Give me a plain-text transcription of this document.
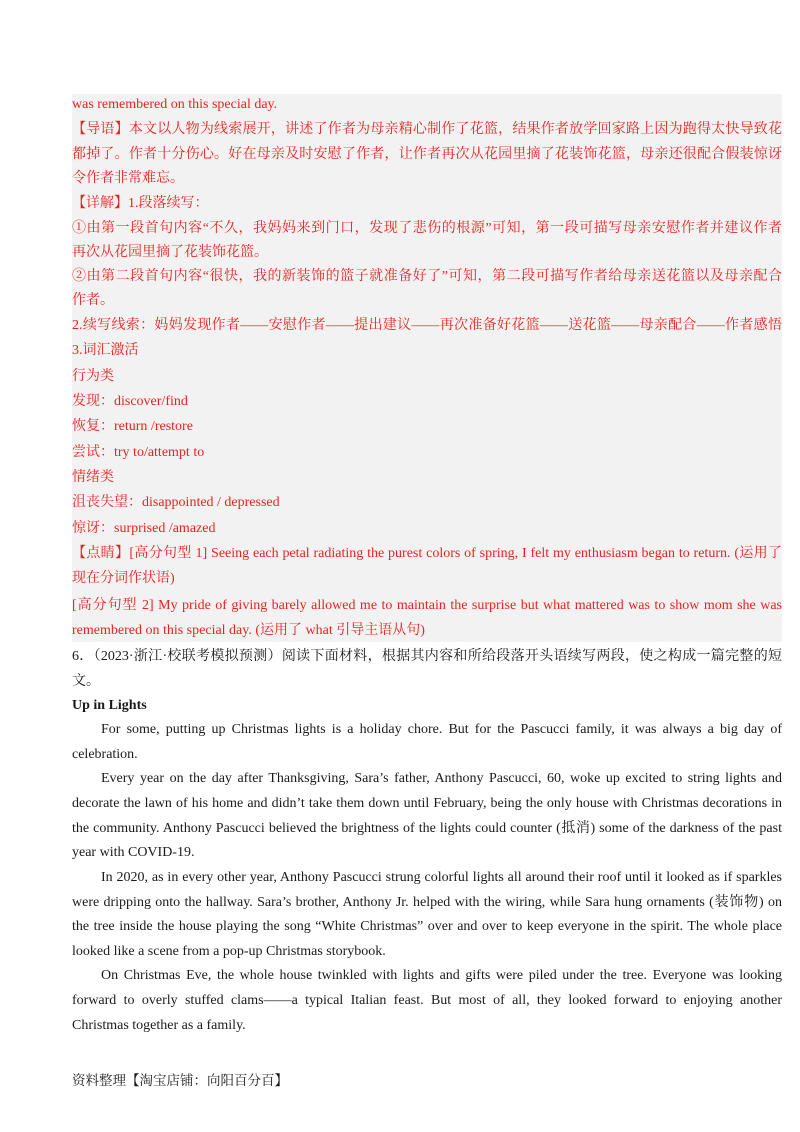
was remembered on this special day.
【导语】本文以人物为线索展开，讲述了作者为母亲精心制作了花篮，结果作者放学回家路上因为跑得太快导致花
都掉了。作者十分伤心。好在母亲及时安慰了作者，让作者再次从花园里摘了花装饰花篮，母亲还很配合假装惊讶
令作者非常难忘。
【详解】1.段落续写：
①由第一段首句内容“不久，我妈妈来到门口，发现了悲伤的根源”可知，第一段可描写母亲安慰作者并建议作者
再次从花园里摘了花装饰花篮。
②由第二段首句内容“很快，我的新装饰的篮子就准备好了”可知，第二段可描写作者给母亲送花篮以及母亲配合
作者。
2.续写线索：妈妈发现作者——安慰作者——提出建议——再次准备好花篮——送花篮——母亲配合——作者感悟
3.词汇激活
行为类
发现：discover/find
恢复：return /restore
尝试：try to/attempt to
情绪类
沮丧失望：disappointed / depressed
惊讶：surprised /amazed
【点睛】[高分句型 1] Seeing each petal radiating the purest colors of spring, I felt my enthusiasm began to return. (运用了
现在分词作状语)
[高分句型 2] My pride of giving barely allowed me to maintain the surprise but what mattered was to show mom she was
remembered on this special day. (运用了 what 引导主语从句)
6．（2023·浙江·校联考模拟预测）阅读下面材料，根据其内容和所给段落开头语续写两段，使之构成一篇完整的短
文。
Up in Lights
For some, putting up Christmas lights is a holiday chore. But for the Pascucci family, it was always a big day of
celebration.
Every year on the day after Thanksgiving, Sara’s father, Anthony Pascucci, 60, woke up excited to string lights and
decorate the lawn of his home and didn’t take them down until February, being the only house with Christmas decorations in
the community. Anthony Pascucci believed the brightness of the lights could counter (抵消) some of the darkness of the past
year with COVID-19.
In 2020, as in every other year, Anthony Pascucci strung colorful lights all around their roof until it looked as if sparkles
were dripping onto the hallway. Sara’s brother, Anthony Jr. helped with the wiring, while Sara hung ornaments (装饰物) on
the tree inside the house playing the song “White Christmas” over and over to keep everyone in the spirit. The whole place
looked like a scene from a pop-up Christmas storybook.
On Christmas Eve, the whole house twinkled with lights and gifts were piled under the tree. Everyone was looking
forward to overly stuffed clams——a typical Italian feast. But most of all, they looked forward to enjoying another
Christmas together as a family.
资料整理【淘宝店铺：向阳百分百】
